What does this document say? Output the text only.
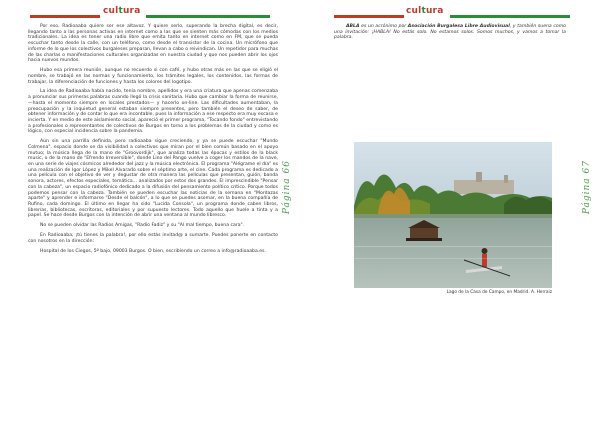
cultura

Por eso, Radioaaba quiere ser ese altavoz. Y quiere serlo, superando la brecha digital, es decir, llegando tanto a las personas activas en internet como a las que se sienten más cómodas con los medios tradicionales. La idea es tener una radio libre que emita tanto en internet como en FM, que se pueda escuchar tanto desde la calle, con un teléfono, como desde el transistor de la cocina. Un micrófono que informe de lo que los colectivos burgaleses preparan, llevan a cabo o reivindican. Un repetidor para muchas de las charlas o manifestaciones culturales organizadas en nuestra ciudad y que nos pueden abrir los ojos hacia nuevos mundos.

Hubo esa primera reunión, aunque no recuerdo si con café, y hubo otras más en las que se eligió el nombre, se trabajó en las normas y funcionamiento, los trámites legales, los contenidos, las formas de trabajar, la diferenciación de funciones y hasta los colores del logotipo.

La idea de Radioaaba había nacido, tenía nombre, apellidos y era una criatura que apenas comenzaba a pronunciar sus primeras palabras cuando llegó la crisis sanitaria. Hubo que cambiar la forma de reunirse, —hasta el momento siempre en locales prestados— y hacerlo on-line. Las dificultades aumentaban, la preocupación y la inquietud general estaban siempre presentes, pero también el deseo de saber, de obtener información y de contar lo que era incontable, pues la información a ese respecto era muy escasa e incierta. Y en medio de este aislamiento social, apareció el primer programa, "Tocando fondo" entrevistando a profesionales o representantes de colectivos de Burgos en torno a los problemas de la ciudad y como es lógico, con especial incidencia sobre la pandemia.

Aún sin una parrilla definida, pero radioaaba sigue creciendo, y ya se puede escuchar "Mundo Colmena", espacio donde se da visibilidad a colectivos que miran por el bien común basado en el apoyo mutuo; la música llega de la mano de "Groovordijk", que analiza todas las épocas y estilos de la black music, o de la mano de "Efrendo Irreversible", donde Lino del Pango vuelve a coger los mandos de la nave, en una serie de viajes cósmicos alrededor del jazz y la música electrónica. El programa "Alégrame el día" es una realización de Igor López y Mikel Alvarado sobre el séptimo arte, el cine. Cada programa es dedicado a una película con el objetivo de ver y degustar de otra manera las películas que presentan, guión, banda sonora, actores, efectos especiales, temática... analizados por estos dos grandes. El imprescindible "Pensar con la cabeza", un espacio radiofónico dedicado a la difusión del pensamiento político crítico. Porque todos podemos pensar con la cabeza. También se pueden escuchar las noticias de la semana en "Mordazas aparte" y aprender e informarse "Desde el balcón", a lo que se puedes asomar, en la buena compañía de Rufino, cada domingo. El último en llegar ha sido "Lucida Consola", un programa donde caben libros, librerías, bibliotecas, escritoras, editoriales y por supuesto lectores. Todo aquello que huele a tinta y a papel. Se hace desde Burgos con la intención de abrir una ventana al mundo libresco.

No se pueden olvidar las Radios Amigas, "Radio Fadiz" y su "Al mal tiempo, buena cara".

En Radioaaba, ¡tú tienes la palabra!, por ello estás invitad@ a sumarte. Puedes ponerte en contacto con nosotros en la dirección:

Hospital de los Ciegos, 5º bajo, 09003 Burgos. O bien, escribiendo un correo a info@radioaaba.es.

Página 66
cultura

ABLA es un acrónimo por Asociación Burgalesa Libre Audiovisual, y también suena como una invitación: ¡HABLA! No estás solo. No estamos solos. Somos muchos, y vamos a tomar la palabra.

Lago de la Casa de Campo, en Madrid. A. Herraiz
Página 67
